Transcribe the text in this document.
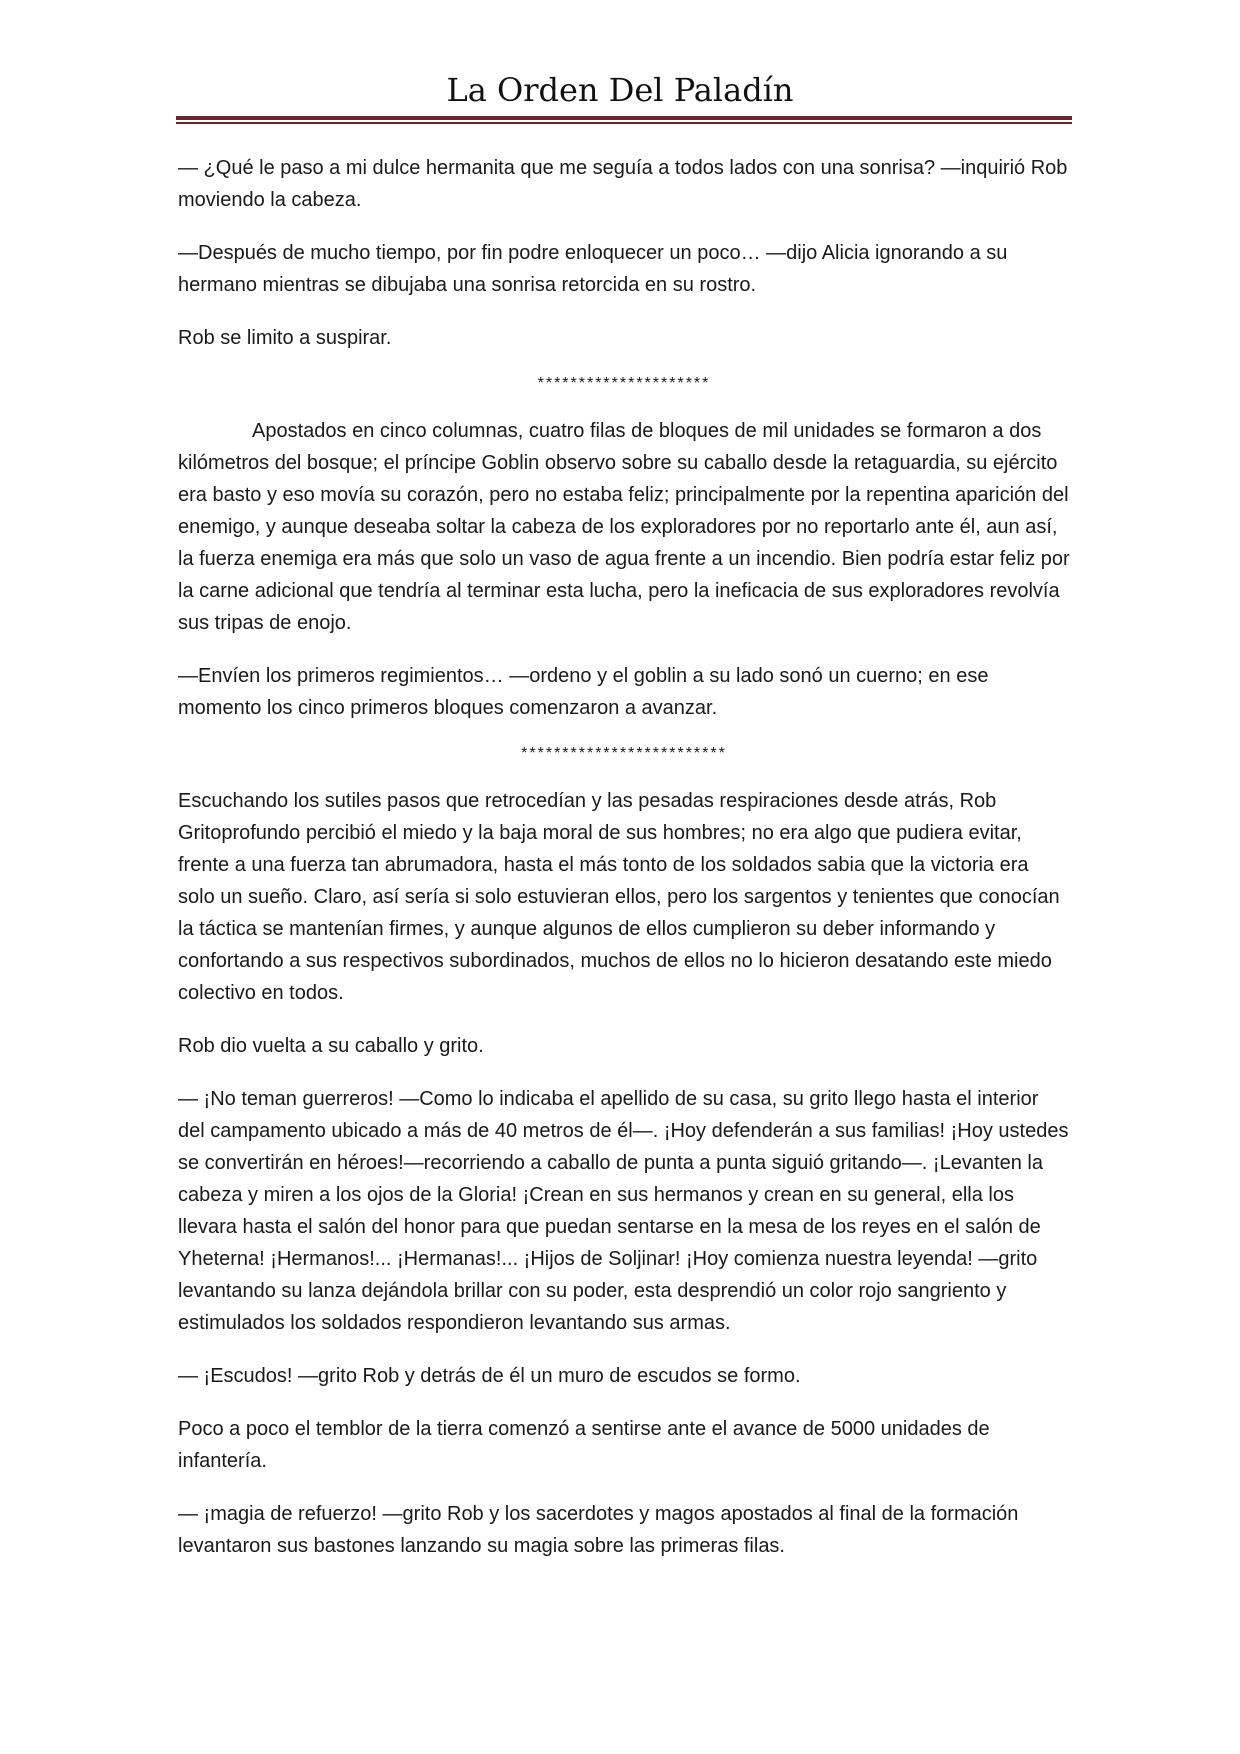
La Orden Del Paladín

— ¿Qué le paso a mi dulce hermanita que me seguía a todos lados con una sonrisa? —inquirió Rob moviendo la cabeza.

—Después de mucho tiempo, por fin podre enloquecer un poco… —dijo Alicia ignorando a su hermano mientras se dibujaba una sonrisa retorcida en su rostro.

Rob se limito a suspirar.

*********************

Apostados en cinco columnas, cuatro filas de bloques de mil unidades se formaron a dos kilómetros del bosque; el príncipe Goblin observo sobre su caballo desde la retaguardia, su ejército era basto y eso movía su corazón, pero no estaba feliz; principalmente por la repentina aparición del enemigo, y aunque deseaba soltar la cabeza de los exploradores por no reportarlo ante él, aun así, la fuerza enemiga era más que solo un vaso de agua frente a un incendio. Bien podría estar feliz por la carne adicional que tendría al terminar esta lucha, pero la ineficacia de sus exploradores revolvía sus tripas de enojo.

—Envíen los primeros regimientos… —ordeno y el goblin a su lado sonó un cuerno; en ese momento los cinco primeros bloques comenzaron a avanzar.

*************************

Escuchando los sutiles pasos que retrocedían y las pesadas respiraciones desde atrás, Rob Gritoprofundo percibió el miedo y la baja moral de sus hombres; no era algo que pudiera evitar, frente a una fuerza tan abrumadora, hasta el más tonto de los soldados sabia que la victoria era solo un sueño. Claro, así sería si solo estuvieran ellos, pero los sargentos y tenientes que conocían la táctica se mantenían firmes, y aunque algunos de ellos cumplieron su deber informando y confortando a sus respectivos subordinados, muchos de ellos no lo hicieron desatando este miedo colectivo en todos.

Rob dio vuelta a su caballo y grito.

— ¡No teman guerreros! —Como lo indicaba el apellido de su casa, su grito llego hasta el interior del campamento ubicado a más de 40 metros de él—. ¡Hoy defenderán a sus familias! ¡Hoy ustedes se convertirán en héroes!—recorriendo a caballo de punta a punta siguió gritando—. ¡Levanten la cabeza y miren a los ojos de la Gloria! ¡Crean en sus hermanos y crean en su general, ella los llevara hasta el salón del honor para que puedan sentarse en la mesa de los reyes en el salón de Yheterna! ¡Hermanos!... ¡Hermanas!... ¡Hijos de Soljinar! ¡Hoy comienza nuestra leyenda! —grito levantando su lanza dejándola brillar con su poder, esta desprendió un color rojo sangriento y estimulados los soldados respondieron levantando sus armas.

— ¡Escudos! —grito Rob y detrás de él un muro de escudos se formo.

Poco a poco el temblor de la tierra comenzó a sentirse ante el avance de 5000 unidades de infantería.

— ¡magia de refuerzo! —grito Rob y los sacerdotes y magos apostados al final de la formación levantaron sus bastones lanzando su magia sobre las primeras filas.
